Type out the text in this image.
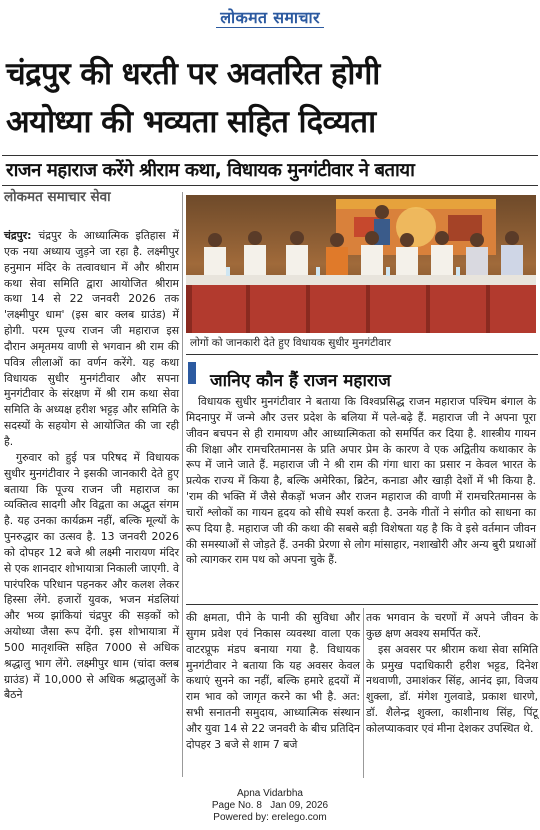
लोकमत समाचार
चंद्रपुर की धरती पर अवतरित होगी
अयोध्या की भव्यता सहित दिव्यता
राजन महाराज करेंगे श्रीराम कथा, विधायक मुनगंटीवार ने बताया
लोकमत समाचार सेवा

चंद्रपुर: चंद्रपुर के आध्यात्मिक इतिहास में एक नया अध्याय जुड़ने जा रहा है. लक्ष्मीपुर हनुमान मंदिर के तत्वावधान में और श्रीराम कथा सेवा समिति द्वारा आयोजित श्रीराम कथा 14 से 22 जनवरी 2026 तक 'लक्ष्मीपुर धाम' (इस बार क्लब ग्राउंड) में होगी. परम पूज्य राजन जी महाराज इस दौरान अमृतमय वाणी से भगवान श्री राम की पवित्र लीलाओं का वर्णन करेंगे. यह कथा विधायक सुधीर मुनगंटीवार और सपना मुनगंटीवार के संरक्षण में श्री राम कथा सेवा समिति के अध्यक्ष हरीश भट्टड़ और समिति के सदस्यों के सहयोग से आयोजित की जा रही है.

गुरुवार को हुई पत्र परिषद में विधायक सुधीर मुनगंटीवार ने इसकी जानकारी देते हुए बताया कि पूज्य राजन जी महाराज का व्यक्तित्व सादगी और विद्वता का अद्भुत संगम है. यह उनका कार्यक्रम नहीं, बल्कि मूल्यों के पुनरुद्धार का उत्सव है. 13 जनवरी 2026 को दोपहर 12 बजे श्री लक्ष्मी नारायण मंदिर से एक शानदार शोभायात्रा निकाली जाएगी. वे पारंपरिक परिधान पहनकर और कलश लेकर हिस्सा लेंगे. हजारों युवक, भजन मंडलियां और भव्य झांकियां चंद्रपुर की सड़कों को अयोध्या जैसा रूप देंगी. इस शोभायात्रा में 500 मातृशक्ति सहित 7000 से अधिक श्रद्धालु भाग लेंगे. लक्ष्मीपुर धाम (चांदा क्लब ग्राउंड) में 10,000 से अधिक श्रद्धालुओं के बैठने

लोगों को जानकारी देते हुए विधायक सुधीर मुनगंटीवार
जानिए कौन हैं राजन महाराज
विधायक सुधीर मुनगंटीवार ने बताया कि विश्वप्रसिद्ध राजन महाराज पश्चिम बंगाल के मिदनापुर में जन्मे और उत्तर प्रदेश के बलिया में पले-बढ़े हैं. महाराज जी ने अपना पूरा जीवन बचपन से ही रामायण और आध्यात्मिकता को समर्पित कर दिया है. शास्त्रीय गायन की शिक्षा और रामचरितमानस के प्रति अपार प्रेम के कारण वे एक अद्वितीय कथाकार के रूप में जाने जाते हैं. महाराज जी ने श्री राम की गंगा धारा का प्रसार न केवल भारत के प्रत्येक राज्य में किया है, बल्कि अमेरिका, ब्रिटेन, कनाडा और खाड़ी देशों में भी किया है. 'राम की भक्ति में जैसे सैकड़ों भजन और राजन महाराज की वाणी में रामचरितमानस के चारों श्लोकों का गायन हृदय को सीधे स्पर्श करता है. उनके गीतों ने संगीत को साधना का रूप दिया है. महाराज जी की कथा की सबसे बड़ी विशेषता यह है कि वे इसे वर्तमान जीवन की समस्याओं से जोड़ते हैं. उनकी प्रेरणा से लोग मांसाहार, नशाखोरी और अन्य बुरी प्रथाओं को त्यागकर राम पथ को अपना चुके हैं.
की क्षमता, पीने के पानी की सुविधा और सुगम प्रवेश एवं निकास व्यवस्था वाला एक वाटरप्रूफ मंडप बनाया गया है. विधायक मुनगंटीवार ने बताया कि यह अवसर केवल कथाएं सुनने का नहीं, बल्कि हमारे हृदयों में राम भाव को जागृत करने का भी है. अत: सभी सनातनी समुदाय, आध्यात्मिक संस्थान और युवा 14 से 22 जनवरी के बीच प्रतिदिन दोपहर 3 बजे से शाम 7 बजे

तक भगवान के चरणों में अपने जीवन के कुछ क्षण अवश्य समर्पित करें.

इस अवसर पर श्रीराम कथा सेवा समिति के प्रमुख पदाधिकारी हरीश भट्टड, दिनेश नथवाणी, उमाशंकर सिंह, आनंद झा, विजय शुक्ला, डॉ. मंगेश गुलवाडे, प्रकाश धारणे, डॉ. शैलेन्द्र शुक्ला, काशीनाथ सिंह, पिंटू कोलप्याकवार एवं मीना देशकर उपस्थित थे.

Apna Vidarbha
Page No. 8 Jan 09, 2026
Powered by: erelego.com
